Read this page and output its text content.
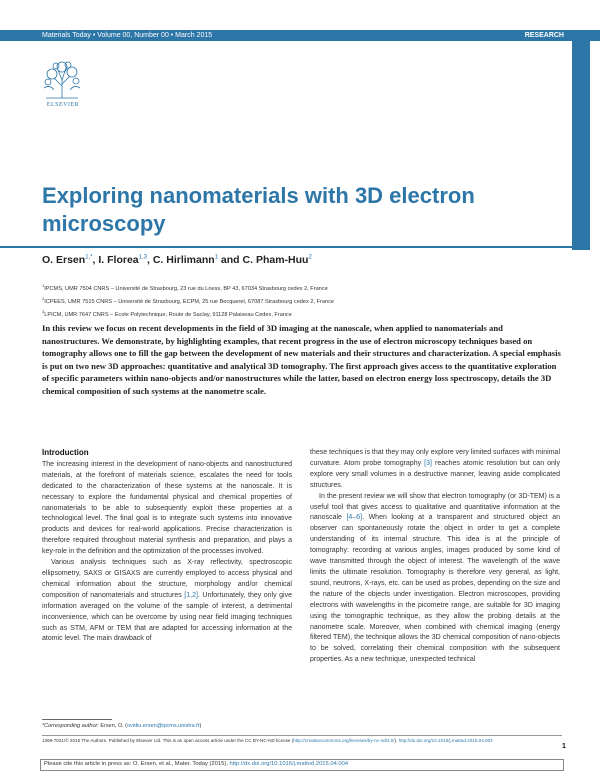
Materials Today • Volume 00, Number 00 • March 2015	RESEARCH
ELSEVIER
RESEARCH: Review
Exploring nanomaterials with 3D electron microscopy
O. Ersen$^{1,*}$, I. Florea$^{1,3}$, C. Hirlimann$^1$ and C. Pham-Huu$^2$
$^1$IPCMS, UMR 7504 CNRS – Université de Strasbourg, 23 rue du Loess, BP 43, 67034 Strasbourg cedex 2, France
$^2$ICPEES, UMR 7515 CNRS – Université de Strasbourg, ECPM, 25 rue Becquerel, 67087 Strasbourg cedex 2, France
$^3$LPICM, UMR 7647 CNRS – Ecole Polytechnique, Route de Saclay, 91128 Palaiseau Cedex, France

In this review we focus on recent developments in the field of 3D imaging at the nanoscale, when applied to nanomaterials and nanostructures. We demonstrate, by highlighting examples, that recent progress in the use of electron microscopy techniques based on tomography allows one to fill the gap between the development of new materials and their structures and characterization. A special emphasis is put on two new 3D approaches: quantitative and analytical 3D tomography. The first approach gives access to the quantitative exploration of specific parameters within nano-objects and/or nanostructures while the latter, based on electron energy loss spectroscopy, details the 3D chemical composition of such systems at the nanometre scale.

Introduction

The increasing interest in the development of nano-objects and nanostructured materials, at the forefront of materials science, escalates the need for tools dedicated to the characterization of these systems at the nanoscale. It is necessary to explore the fundamental physical and chemical properties of nanomaterials to be able to subsequently exploit these properties at a technological level. The final goal is to integrate such systems into innovative products and devices for real-world applications. Precise characterization is therefore required throughout material synthesis and preparation, and plays a key-role in the definition and the optimization of the processes involved.

Various analysis techniques such as X-ray reflectivity, spectroscopic ellipsometry, SAXS or GISAXS are currently employed to access physical and chemical information about the structure, morphology and/or chemical composition of nanomaterials and structures [1,2]. Unfortunately, they only give information averaged on the volume of the sample of interest, a detrimental inconvenience, which can be overcome by using near field imaging techniques such as STM, AFM or TEM that are adapted for accessing information at the atomic level. The main drawback of

these techniques is that they may only explore very limited surfaces with minimal curvature. Atom probe tomography [3] reaches atomic resolution but can only explore very small volumes in a destructive manner, leaving aside complicated structures.

In the present review we will show that electron tomography (or 3D-TEM) is a useful tool that gives access to qualitative and quantitative information at the nanoscale [4–6]. When looking at a transparent and structured object an observer can spontaneously rotate the object in order to get a complete understanding of its internal structure. This idea is at the principle of tomography: recording at various angles, images produced by some kind of wave transmitted through the object of interest. The wavelength of the wave limits the ultimate resolution. Tomography is therefore very general, as light, sound, neutrons, X-rays, etc. can be used as probes, depending on the size and the nature of the objects under investigation. Electron microscopes, providing electrons with wavelengths in the picometre range, are suitable for 3D imaging using the tomographic technique, as they allow the probing details at the nanometre scale. Moreover, when combined with chemical imaging (energy filtered TEM), the technique allows the 3D chemical composition of nano-objects to be solved, correlating their chemical composition with the subsequent properties. As a new technique, unexpected technical

*Corresponding author: Ersen, O. (ovidiu.ersen@ipcms.unistra.fr)
1369-7021/© 2015 The Authors. Published by Elsevier Ltd. This is an open access article under the CC BY-NC-ND license (http://creativecommons.org/licenses/by-nc-nd/4.0/). http://dx.doi.org/10.1016/j.mattod.2015.04.004
1
Please cite this article in press as: O. Ersen, et al., Mater. Today (2015), http://dx.doi.org/10.1016/j.mattod.2015.04.004
